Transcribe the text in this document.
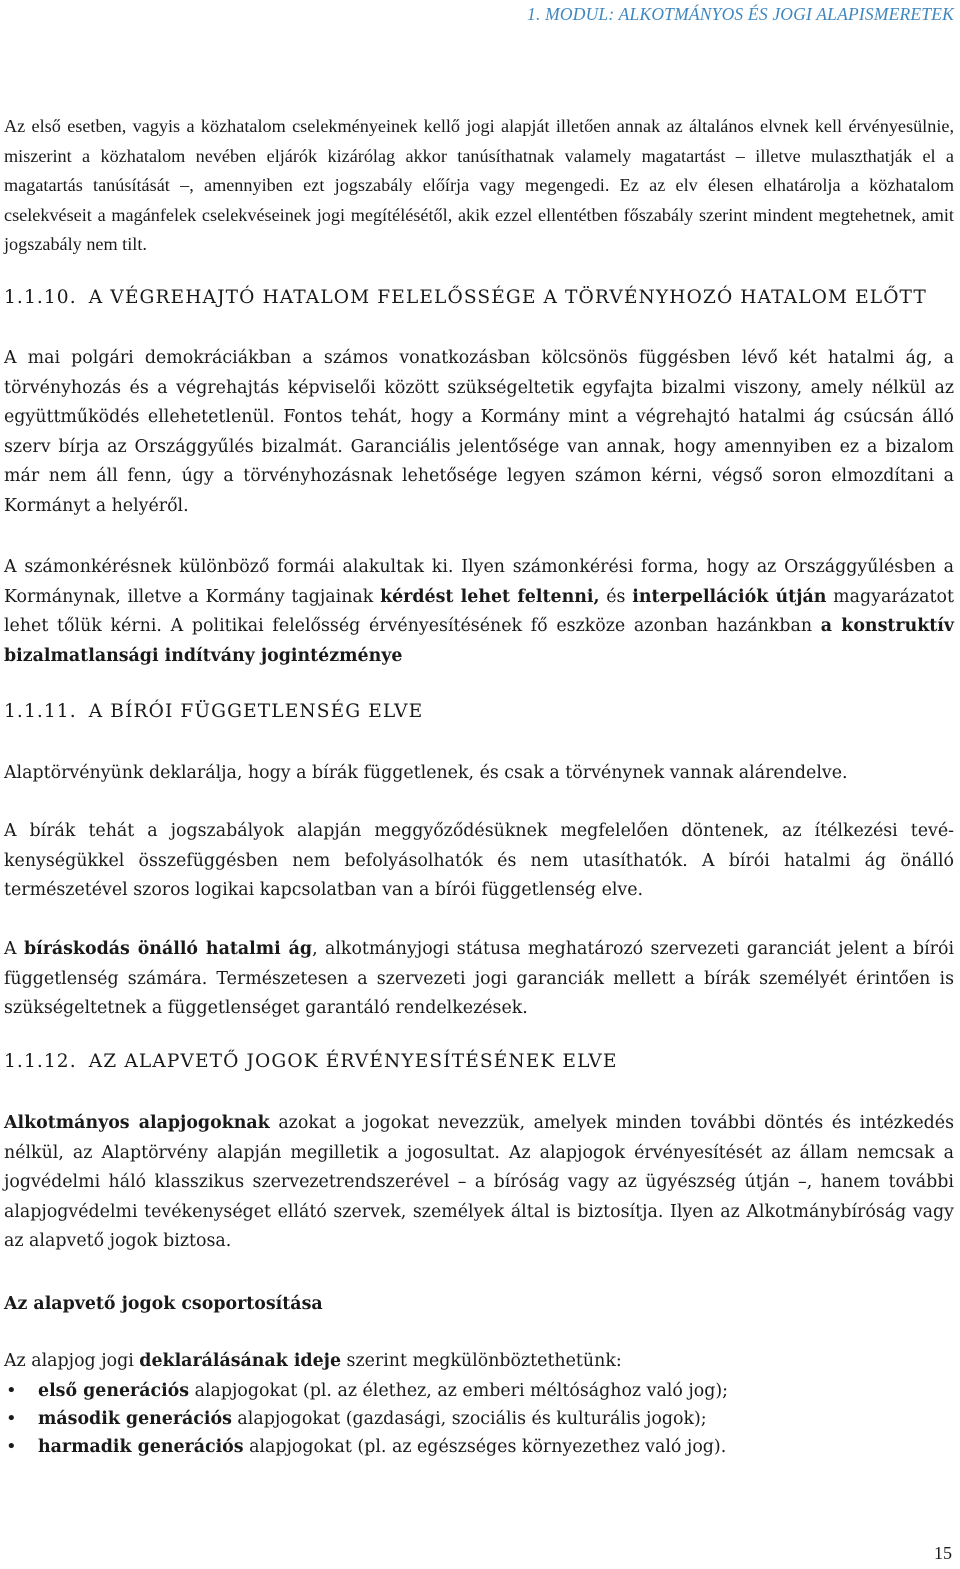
1. MODUL: ALKOTMÁNYOS ÉS JOGI ALAPISMERETEK

Az első esetben, vagyis a közhatalom cselekményeinek kellő jogi alapját illetően annak az általános elvnek kell érvényesülnie, miszerint a közhatalom nevében eljárók kizárólag akkor tanúsíthatnak valamely magatartást – illetve mulaszthatják el a magatartás tanúsítását –, amennyiben ezt jogszabály előírja vagy megengedi. Ez az elv élesen elhatárolja a közhatalom cselekvéseit a magánfelek cselekvéseinek jogi megítélésétől, akik ezzel ellentétben főszabály szerint mindent megtehetnek, amit jogszabály nem tilt.

1.1.10. A VÉGREHAJTÓ HATALOM FELELŐSSÉGE A TÖRVÉNYHOZÓ HATALOM ELŐTT

A mai polgári demokráciákban a számos vonatkozásban kölcsönös függésben lévő két hatalmi ág, a törvényhozás és a végrehajtás képviselői között szükségeltetik egyfajta bizalmi viszony, amely nélkül az együttműködés ellehetetlenül. Fontos tehát, hogy a Kormány mint a végrehajtó hatalmi ág csúcsán álló szerv bírja az Országgyűlés bizalmát. Garanciális jelentősége van annak, hogy amennyiben ez a bizalom már nem áll fenn, úgy a törvényhozásnak lehetősége legyen számon kérni, végső soron elmozdítani a Kormányt a helyéről.

A számonkérésnek különböző formái alakultak ki. Ilyen számonkérési forma, hogy az Országgyűlésben a Kormánynak, illetve a Kormány tagjainak kérdést lehet feltenni, és interpellációk útján magyarázatot lehet tőlük kérni. A politikai felelősség érvényesítésének fő eszköze azonban hazánkban a konstruktív bizalmatlansági indítvány jogintézménye

1.1.11. A BÍRÓI FÜGGETLENSÉG ELVE

Alaptörvényünk deklarálja, hogy a bírák függetlenek, és csak a törvénynek vannak alárendelve.

A bírák tehát a jogszabályok alapján meggyőződésüknek megfelelően döntenek, az ítélkezési tevékenységükkel összefüggésben nem befolyásolhatók és nem utasíthatók. A bírói hatalmi ág önálló természetével szoros logikai kapcsolatban van a bírói függetlenség elve.

A bíráskodás önálló hatalmi ág, alkotmányjogi státusa meghatározó szervezeti garanciát jelent a bírói függetlenség számára. Természetesen a szervezeti jogi garanciák mellett a bírák személyét érintően is szükségeltetnek a függetlenséget garantáló rendelkezések.

1.1.12. AZ ALAPVETŐ JOGOK ÉRVÉNYESÍTÉSÉNEK ELVE

Alkotmányos alapjogoknak azokat a jogokat nevezzük, amelyek minden további döntés és intézkedés nélkül, az Alaptörvény alapján megilletik a jogosultat. Az alapjogok érvényesítését az állam nemcsak a jogvédelmi háló klasszikus szervezetrendszerével – a bíróság vagy az ügyészség útján –, hanem további alapjogvédelmi tevékenységet ellátó szervek, személyek által is biztosítja. Ilyen az Alkotmánybíróság vagy az alapvető jogok biztosa.

Az alapvető jogok csoportosítása

Az alapjog jogi deklarálásának ideje szerint megkülönböztethetünk:

• első generációs alapjogokat (pl. az élethez, az emberi méltósághoz való jog);
• második generációs alapjogokat (gazdasági, szociális és kulturális jogok);
• harmadik generációs alapjogokat (pl. az egészséges környezethez való jog).
15
